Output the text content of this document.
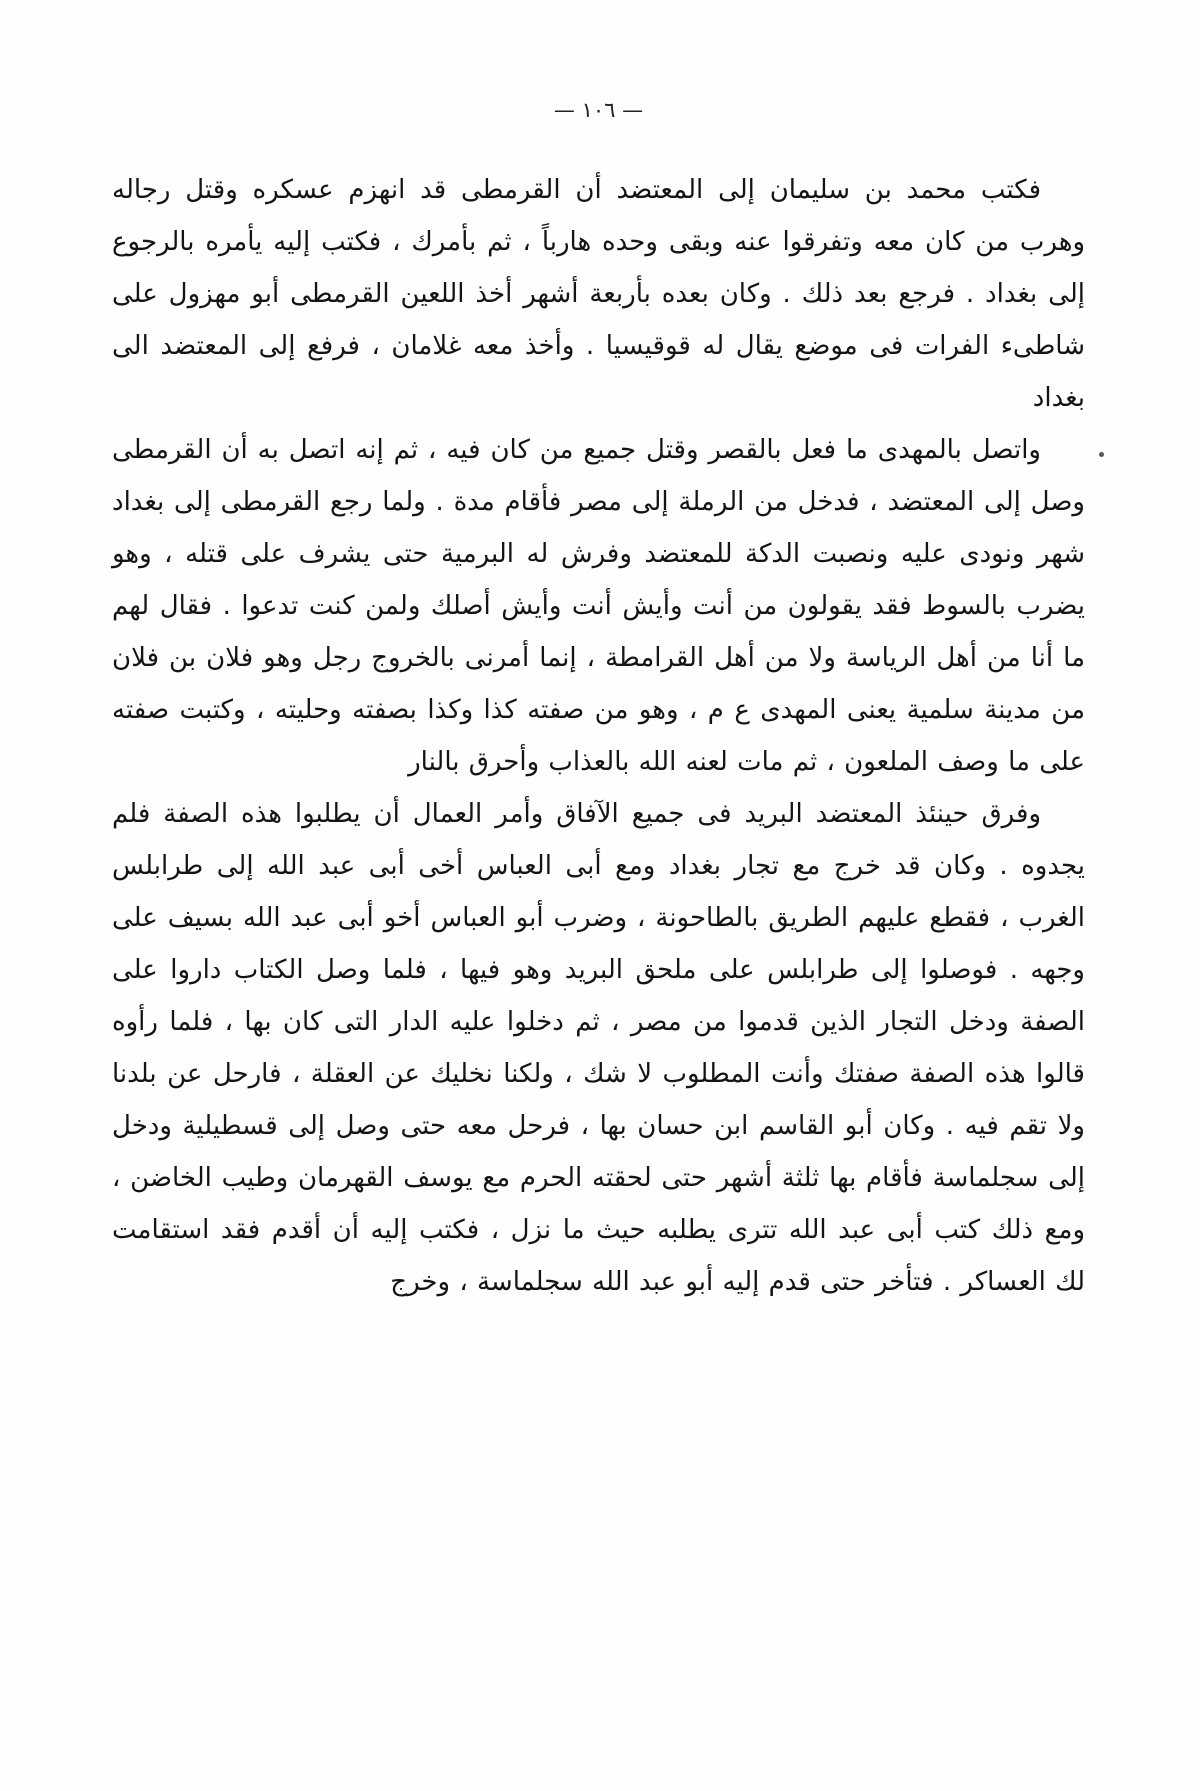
— ١٠٦ —

فكتب محمد بن سليمان إلى المعتضد أن القرمطى قد انهزم عسكره وقتل رجاله وهرب من كان معه وتفرقوا عنه وبقى وحده هارباً ، ثم بأمرك ، فكتب إليه يأمره بالرجوع إلى بغداد . فرجع بعد ذلك . وكان بعده بأربعة أشهر أخذ اللعين القرمطى أبو مهزول على شاطىء الفرات فى موضع يقال له قوقيسيا . وأخذ معه غلامان ، فرفع إلى المعتضد الى بغداد

واتصل بالمهدى ما فعل بالقصر وقتل جميع من كان فيه ، ثم إنه اتصل به أن القرمطى وصل إلى المعتضد ، فدخل من الرملة إلى مصر فأقام مدة . ولما رجع القرمطى إلى بغداد شهر ونودى عليه ونصبت الدكة للمعتضد وفرش له البرمية حتى يشرف على قتله ، وهو يضرب بالسوط فقد يقولون من أنت وأيش أنت وأيش أصلك ولمن كنت تدعوا . فقال لهم ما أنا من أهل الرياسة ولا من أهل القرامطة ، إنما أمرنى بالخروج رجل وهو فلان بن فلان من مدينة سلمية يعنى المهدى ع م ، وهو من صفته كذا وكذا بصفته وحليته ، وكتبت صفته على ما وصف الملعون ، ثم مات لعنه الله بالعذاب وأحرق بالنار

وفرق حينئذ المعتضد البريد فى جميع الآفاق وأمر العمال أن يطلبوا هذه الصفة فلم يجدوه . وكان قد خرج مع تجار بغداد ومع أبى العباس أخى أبى عبد الله إلى طرابلس الغرب ، فقطع عليهم الطريق بالطاحونة ، وضرب أبو العباس أخو أبى عبد الله بسيف على وجهه . فوصلوا إلى طرابلس على ملحق البريد وهو فيها ، فلما وصل الكتاب داروا على الصفة ودخل التجار الذين قدموا من مصر ، ثم دخلوا عليه الدار التى كان بها ، فلما رأوه قالوا هذه الصفة صفتك وأنت المطلوب لا شك ، ولكنا نخليك عن العقلة ، فارحل عن بلدنا ولا تقم فيه . وكان أبو القاسم ابن حسان بها ، فرحل معه حتى وصل إلى قسطيلية ودخل إلى سجلماسة فأقام بها ثلثة أشهر حتى لحقته الحرم مع يوسف القهرمان وطيب الخاضن ، ومع ذلك كتب أبى عبد الله تترى يطلبه حيث ما نزل ، فكتب إليه أن أقدم فقد استقامت لك العساكر . فتأخر حتى قدم إليه أبو عبد الله سجلماسة ، وخرج
